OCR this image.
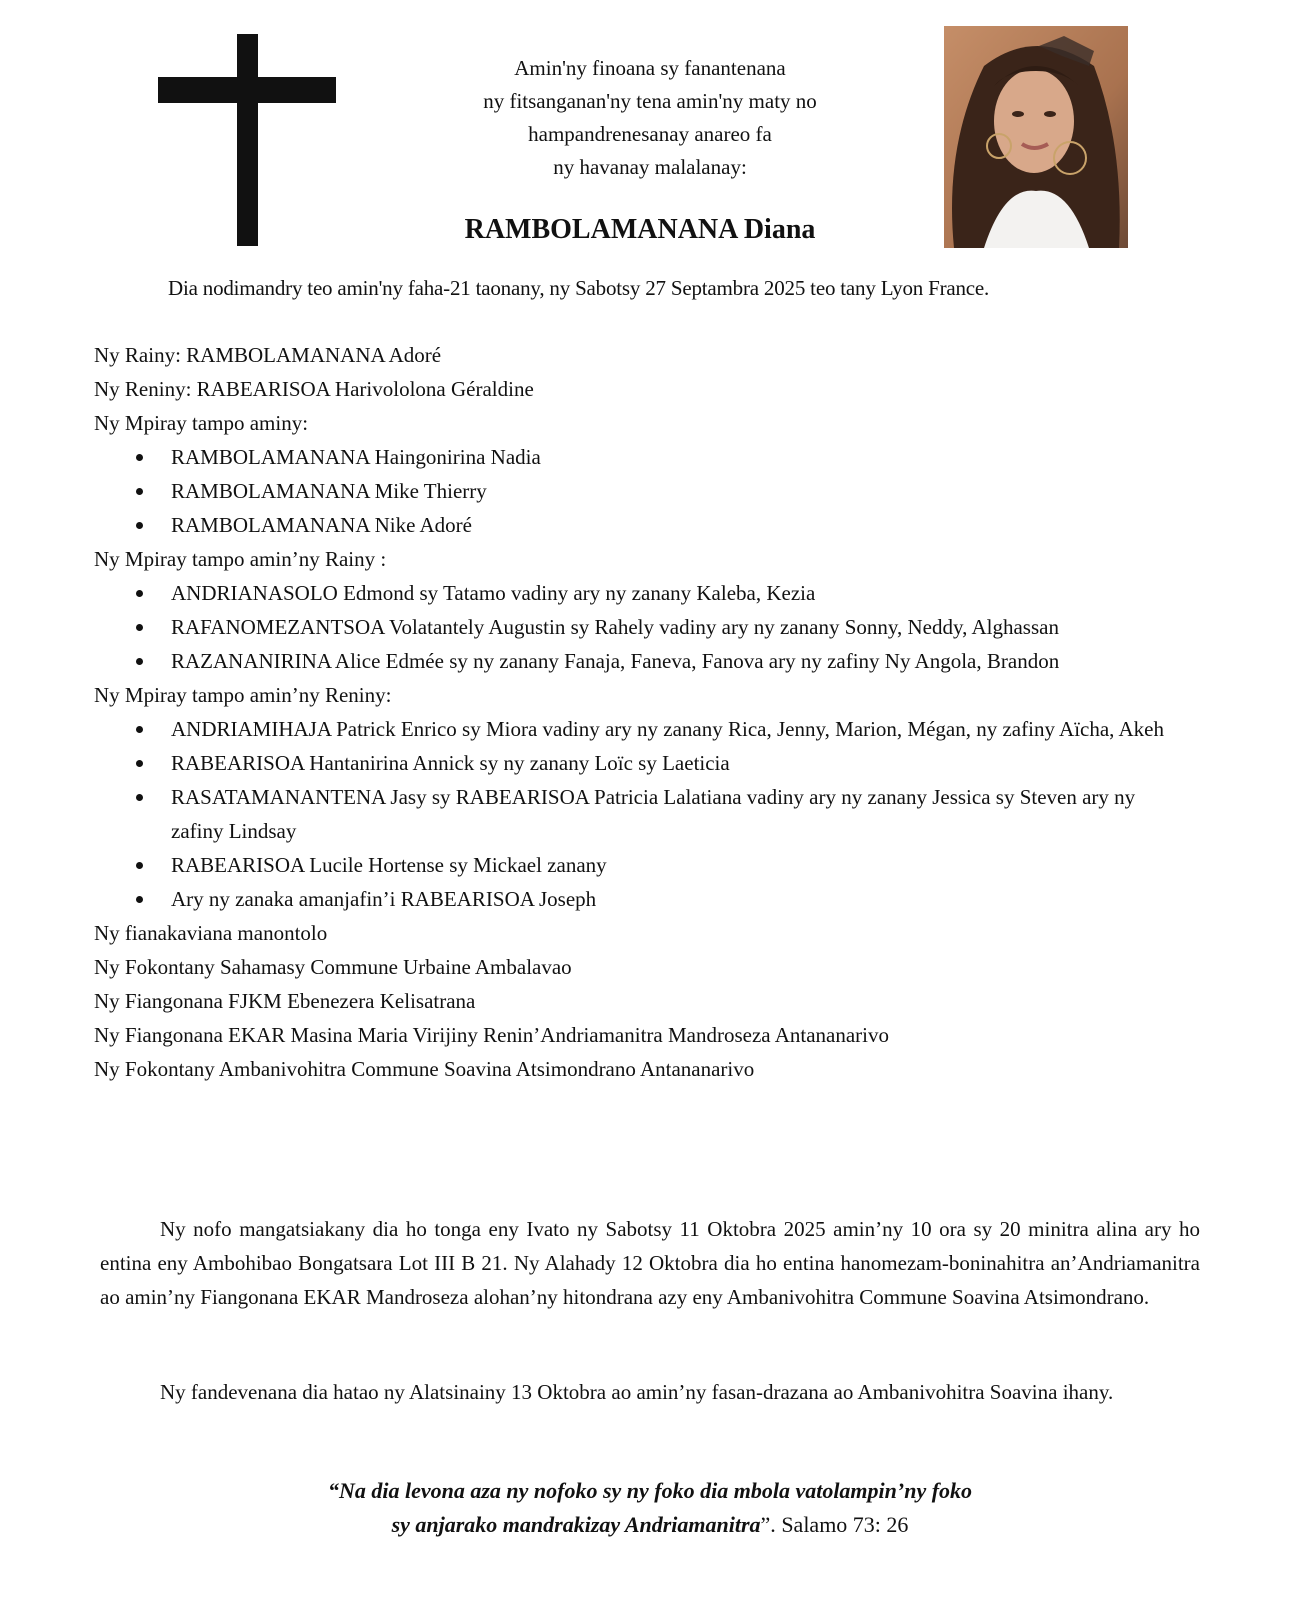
Amin'ny finoana sy fanantenana
ny fitsanganan'ny tena amin'ny maty no
hampandrenesanay anareo fa
ny havanay malalanay:
RAMBOLAMANANA Diana
Dia nodimandry teo amin'ny faha-21 taonany, ny Sabotsy 27 Septambra 2025 teo tany Lyon France.
Ny Rainy: RAMBOLAMANANA Adoré
Ny Reniny: RABEARISOA Harivololona Géraldine
Ny Mpiray tampo aminy:
RAMBOLAMANANA Haingonirina Nadia
RAMBOLAMANANA Mike Thierry
RAMBOLAMANANA Nike Adoré
Ny Mpiray tampo amin’ny Rainy :
ANDRIANASOLO Edmond sy Tatamo vadiny ary ny zanany Kaleba, Kezia
RAFANOMEZANTSOA Volatantely Augustin sy Rahely vadiny ary ny zanany Sonny, Neddy, Alghassan
RAZANANIRINA Alice Edmée sy ny zanany Fanaja, Faneva, Fanova ary ny zafiny Ny Angola, Brandon
Ny Mpiray tampo amin’ny Reniny:
ANDRIAMIHAJA Patrick Enrico sy Miora vadiny ary ny zanany Rica, Jenny, Marion, Mégan, ny zafiny Aïcha, Akeh
RABEARISOA Hantanirina Annick sy ny zanany Loïc sy Laeticia
RASATAMANANTENA Jasy sy RABEARISOA Patricia Lalatiana vadiny ary ny zanany Jessica sy Steven ary ny zafiny Lindsay
RABEARISOA Lucile Hortense sy Mickael zanany
Ary ny zanaka amanjafin’i RABEARISOA Joseph
Ny fianakaviana manontolo
Ny Fokontany Sahamasy Commune Urbaine Ambalavao
Ny Fiangonana FJKM Ebenezera Kelisatrana
Ny Fiangonana EKAR Masina Maria Virijiny Renin’Andriamanitra Mandroseza Antananarivo
Ny Fokontany Ambanivohitra Commune Soavina Atsimondrano Antananarivo
Ny nofo mangatsiakany dia ho tonga eny Ivato ny Sabotsy 11 Oktobra 2025 amin’ny 10 ora sy 20 minitra alina ary ho entina eny Ambohibao Bongatsara Lot III B 21. Ny Alahady 12 Oktobra dia ho entina hanomezam-boninahitra an’Andriamanitra ao amin’ny Fiangonana EKAR Mandroseza alohan’ny hitondrana azy eny Ambanivohitra Commune Soavina Atsimondrano.
Ny fandevenana dia hatao ny Alatsinainy 13 Oktobra ao amin’ny fasan-drazana ao Ambanivohitra Soavina ihany.
“Na dia levona aza ny nofoko sy ny foko dia mbola vatolampin’ny foko
sy anjarako mandrakizay Andriamanitra”. Salamo 73: 26
